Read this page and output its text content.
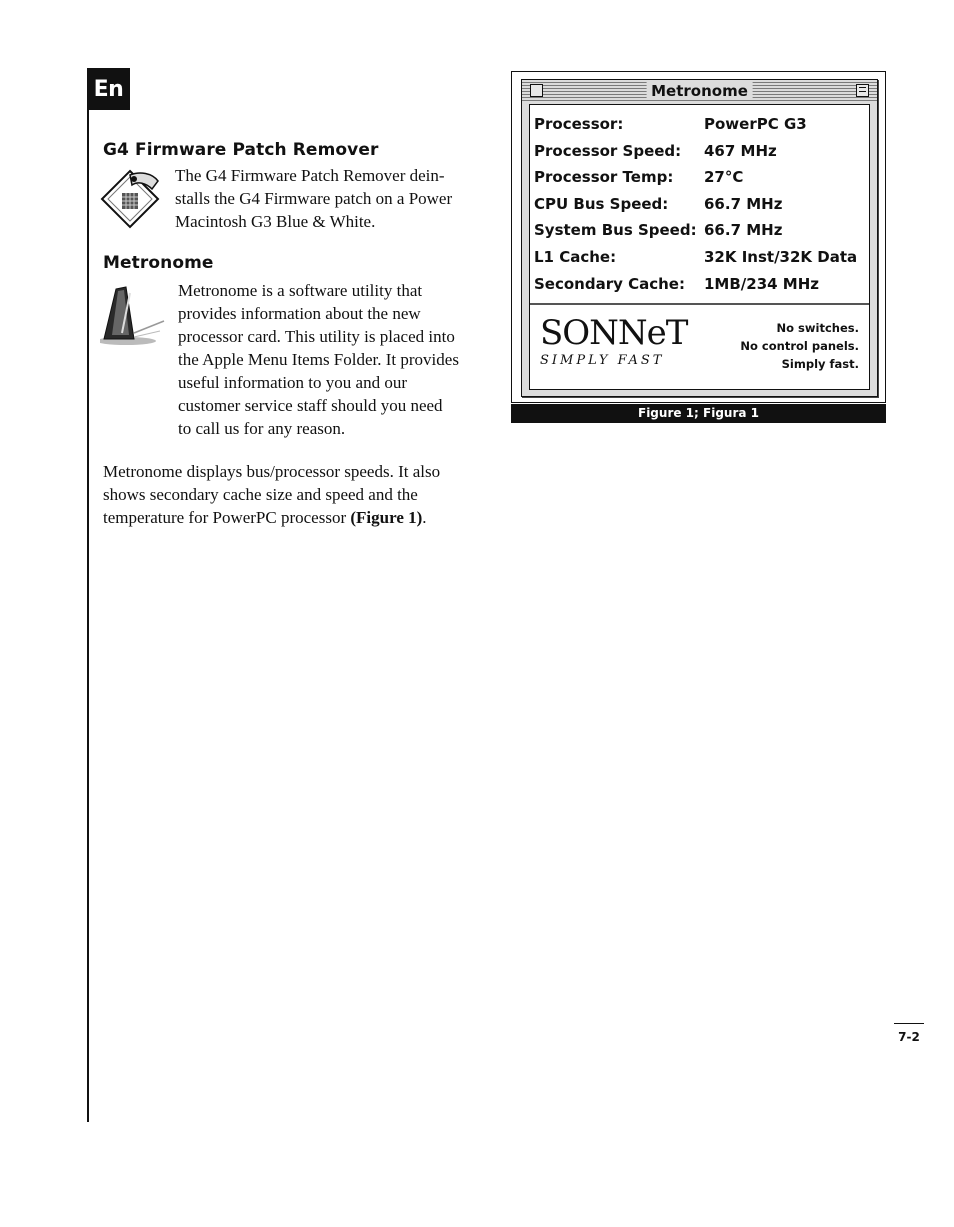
En
G4 Firmware Patch Remover
The G4 Firmware Patch Remover dein-
stalls the G4 Firmware patch on a Power
Macintosh G3 Blue & White.
Metronome
Metronome is a software utility that
provides information about the new
processor card. This utility is placed into
the Apple Menu Items Folder. It provides
useful information to you and our
customer service staff should you need
to call us for any reason.
Metronome displays bus/processor speeds. It also
shows secondary cache size and speed and the
temperature for PowerPC processor (Figure 1).
Metronome
Processor:	PowerPC G3
Processor Speed: 467 MHz
Processor Temp: 27°C
CPU Bus Speed: 66.7 MHz
System Bus Speed: 66.7 MHz
L1 Cache:	32K Inst/32K Data
Secondary Cache: 1MB/234 MHz
SONNeT
SIMPLY FAST
No switches.
No control panels.
Simply fast.
Figure 1; Figura 1
7-2
